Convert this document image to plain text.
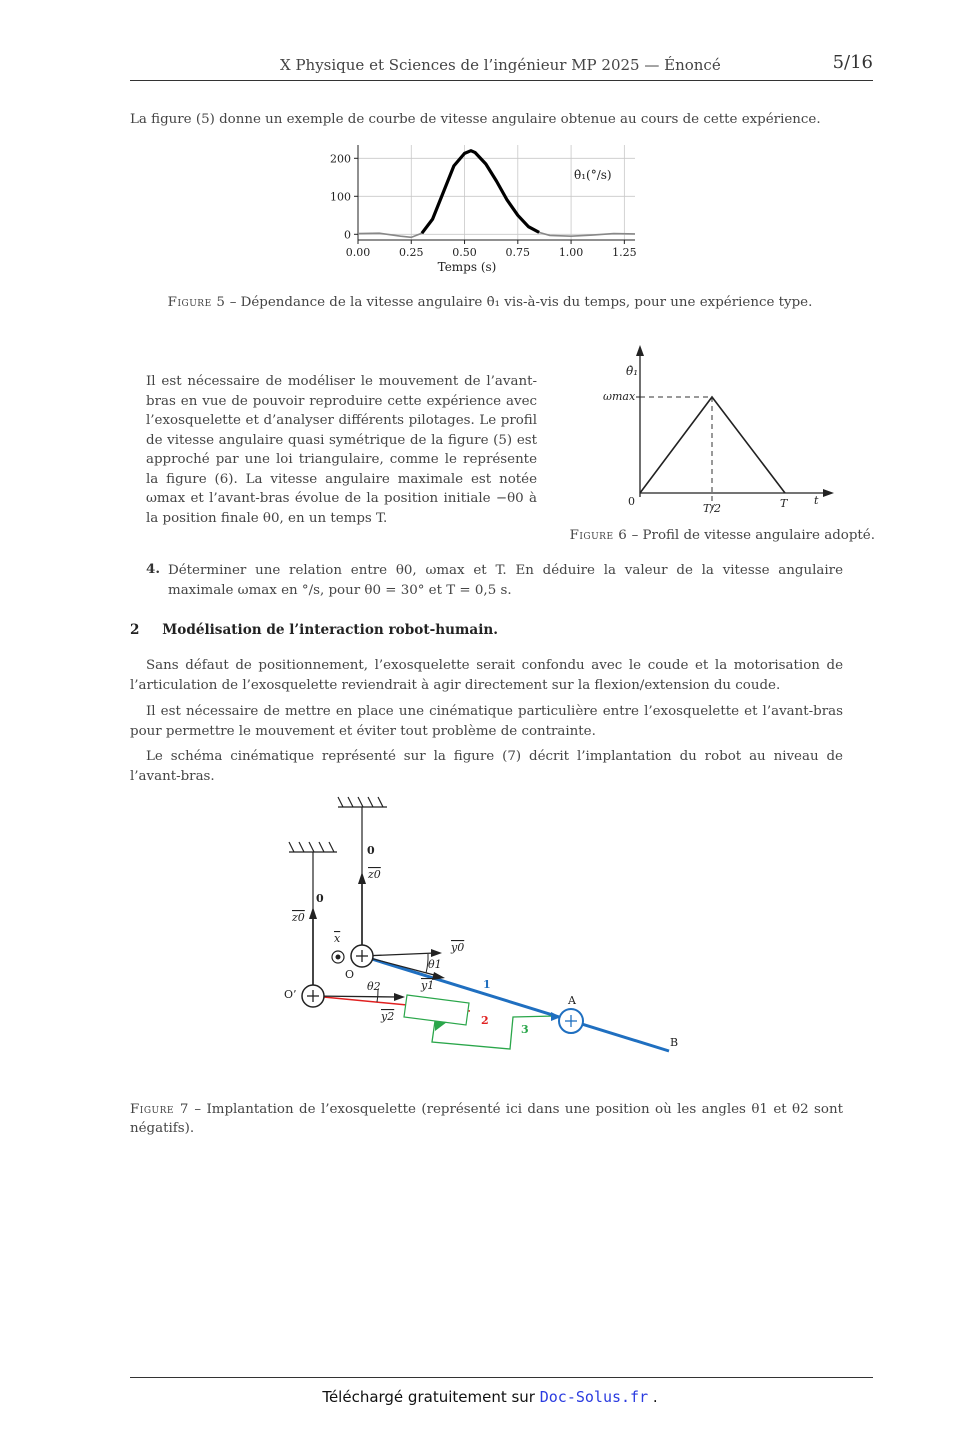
X Physique et Sciences de l’ingénieur MP 2025 — Énoncé	5/16

La figure (5) donne un exemple de courbe de vitesse angulaire obtenue au cours de cette expérience.

0.00	0.25	0.50	0.75	1.00	1.25
0
100
200
Temps (s)
θ̇₁(°/s)
Figure 5 – Dépendance de la vitesse angulaire θ̇₁ vis-à-vis du temps, pour une expérience type.

Il est nécessaire de modéliser le mouvement de l’avant-bras en vue de pouvoir reproduire cette expérience avec l’exosquelette et d’analyser différents pilotages. Le profil de vitesse angulaire quasi symétrique de la figure (5) est approché par une loi triangulaire, comme le représente la figure (6). La vitesse angulaire maximale est notée ωmax et l’avant-bras évolue de la position initiale −θ0 à la position finale θ0, en un temps T.

θ̇₁
ωmax
0
T/2	T t
Figure 6 – Profil de vitesse angulaire adopté.
4. Déterminer une relation entre θ0, ωmax et T. En déduire la valeur de la vitesse angulaire maximale ωmax en °/s, pour θ0 = 30° et T = 0,5 s.

2 Modélisation de l’interaction robot-humain.

Sans défaut de positionnement, l’exosquelette serait confondu avec le coude et la motorisation de l’articulation de l’exosquelette reviendrait à agir directement sur la flexion/extension du coude.

Il est nécessaire de mettre en place une cinématique particulière entre l’exosquelette et l’avant-bras pour permettre le mouvement et éviter tout problème de contrainte.

Le schéma cinématique représenté sur la figure (7) décrit l’implantation du robot au niveau de l’avant-bras.

0
0
z0
z0
x
O
O’
y0
θ1
y1
θ2
y2
1
2
3
A
B
Figure 7 – Implantation de l’exosquelette (représenté ici dans une position où les angles θ1 et θ2 sont négatifs).
Téléchargé gratuitement sur Doc-Solus.fr .
